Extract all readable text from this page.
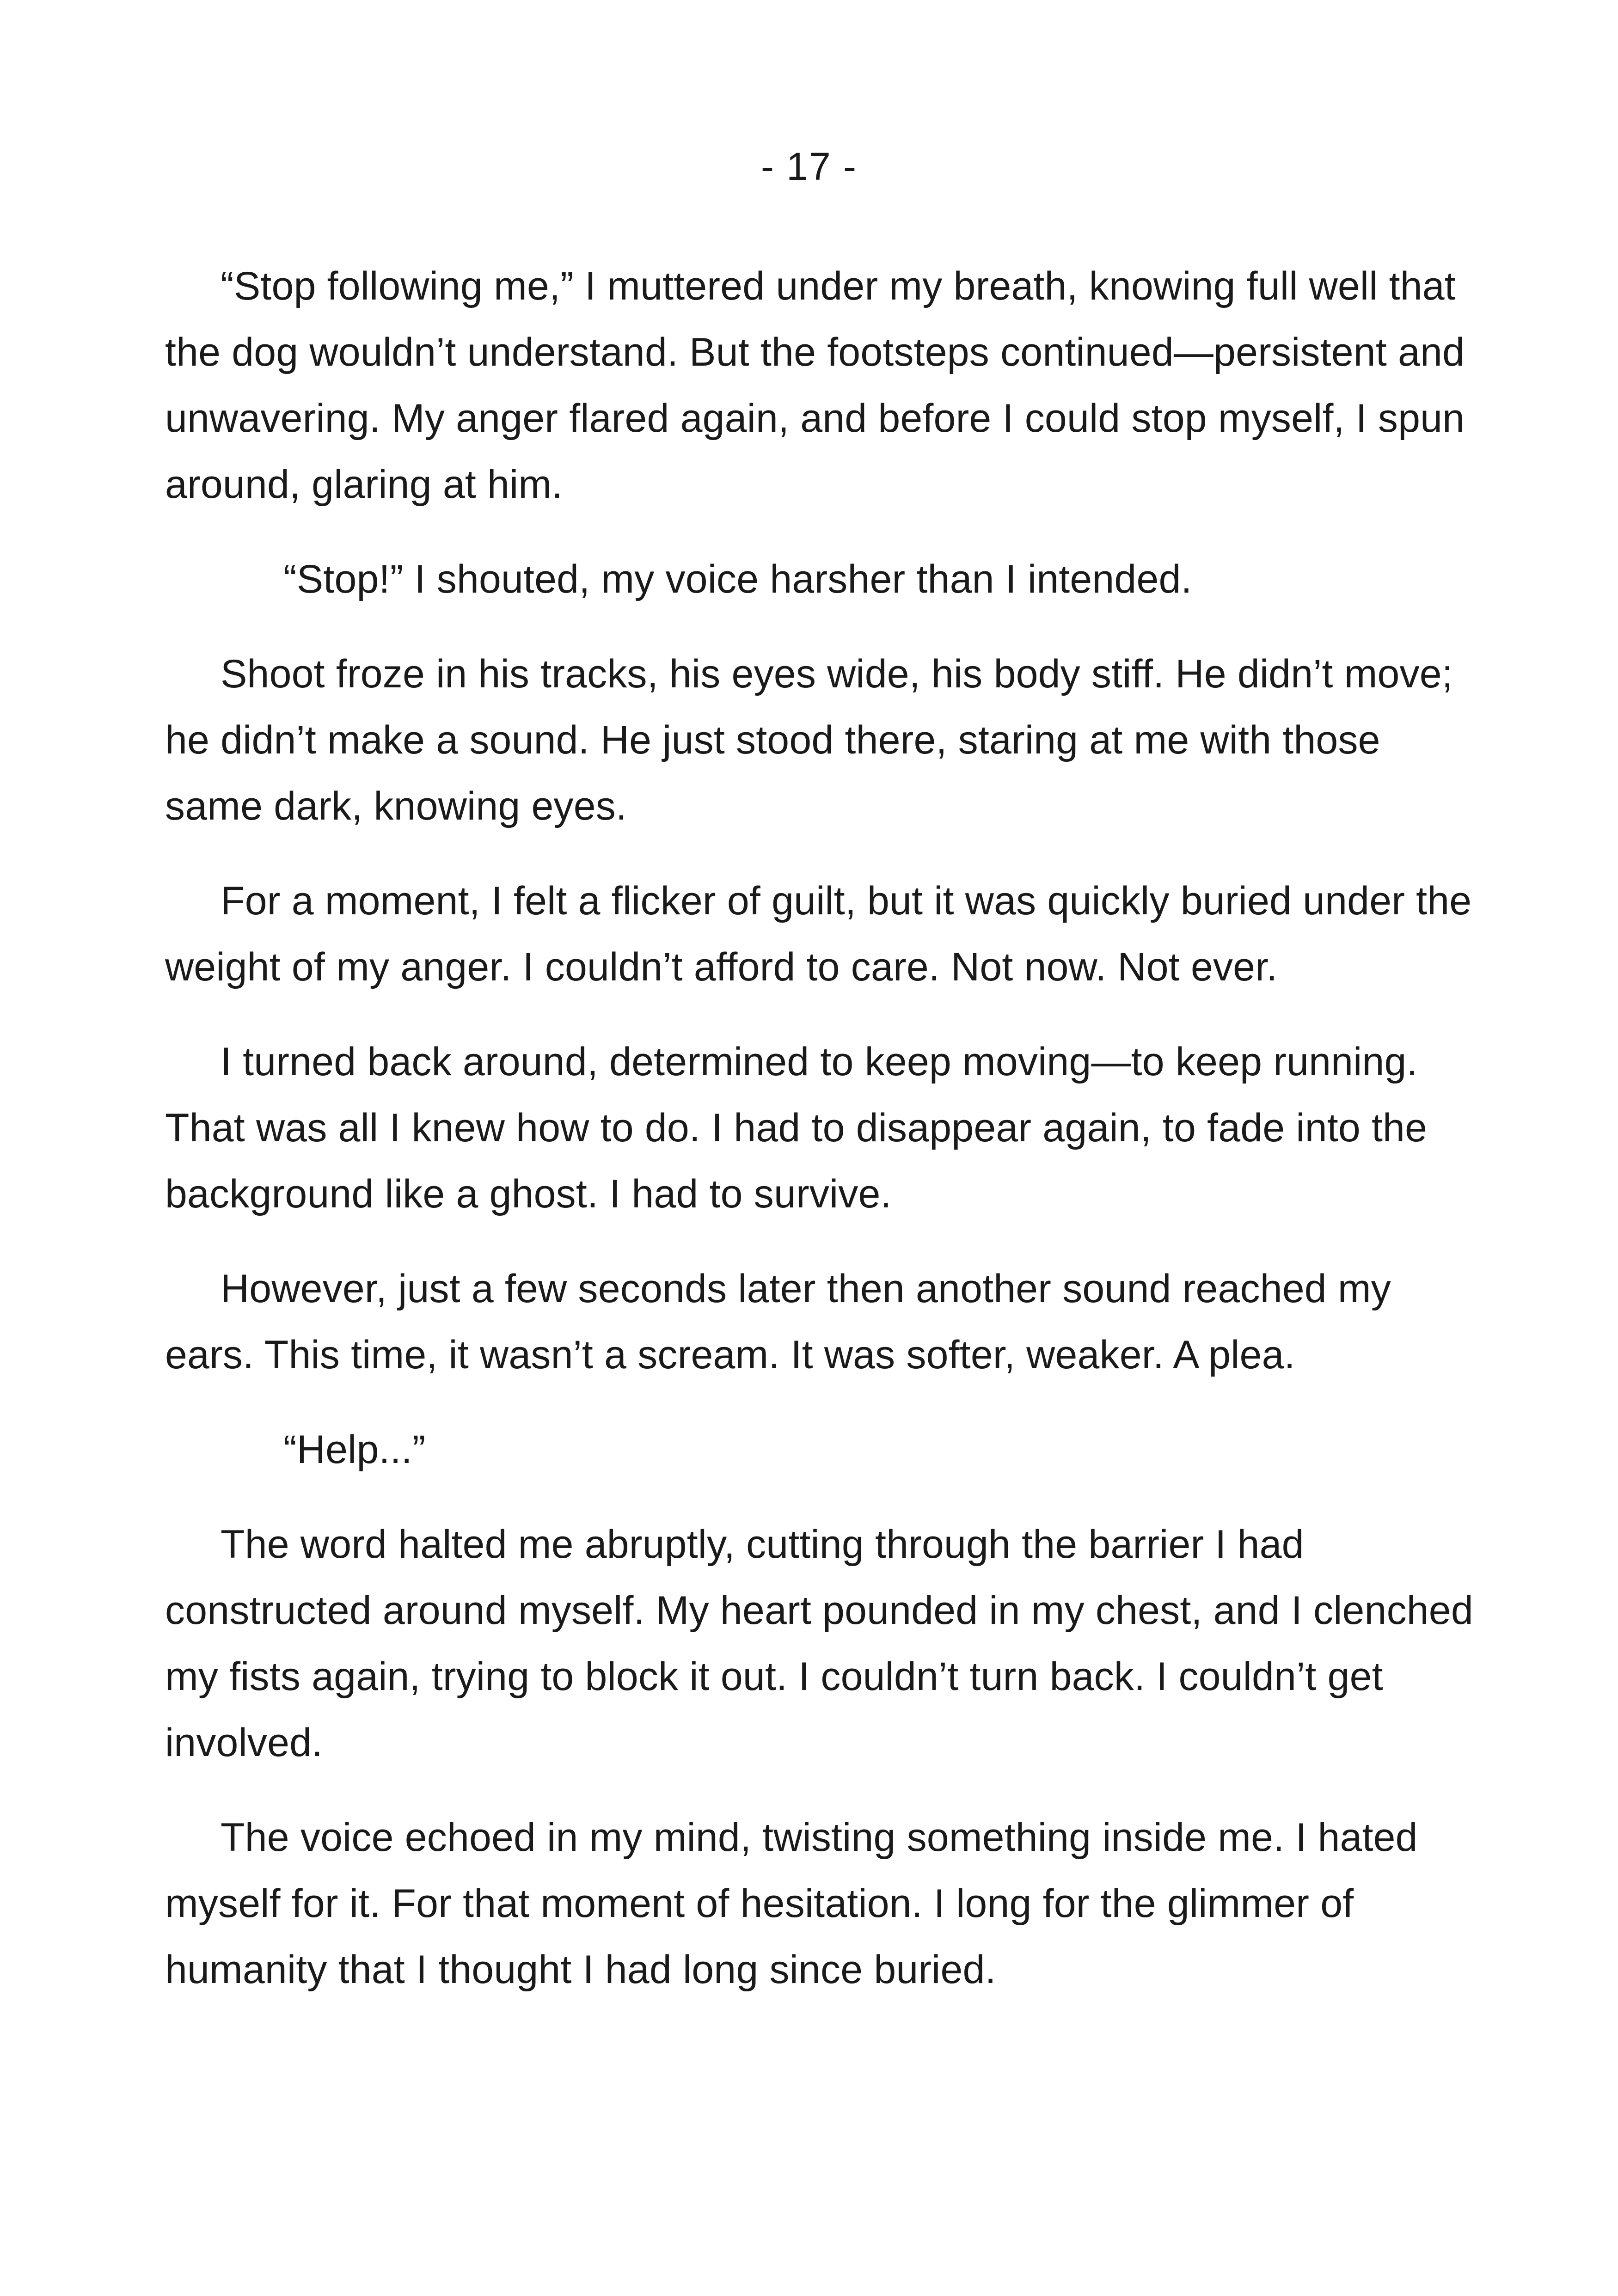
- 17 -

“Stop following me,” I muttered under my breath, knowing full well that the dog wouldn’t understand. But the footsteps continued—persistent and unwavering. My anger flared again, and before I could stop myself, I spun around, glaring at him.

“Stop!” I shouted, my voice harsher than I intended.

Shoot froze in his tracks, his eyes wide, his body stiff. He didn’t move; he didn’t make a sound. He just stood there, staring at me with those same dark, knowing eyes.

For a moment, I felt a flicker of guilt, but it was quickly buried under the weight of my anger. I couldn’t afford to care. Not now. Not ever.

I turned back around, determined to keep moving—to keep running. That was all I knew how to do. I had to disappear again, to fade into the background like a ghost. I had to survive.

However, just a few seconds later then another sound reached my ears. This time, it wasn’t a scream. It was softer, weaker. A plea.

“Help...”

The word halted me abruptly, cutting through the barrier I had constructed around myself. My heart pounded in my chest, and I clenched my fists again, trying to block it out. I couldn’t turn back. I couldn’t get involved.

The voice echoed in my mind, twisting something inside me. I hated myself for it. For that moment of hesitation. I long for the glimmer of humanity that I thought I had long since buried.
